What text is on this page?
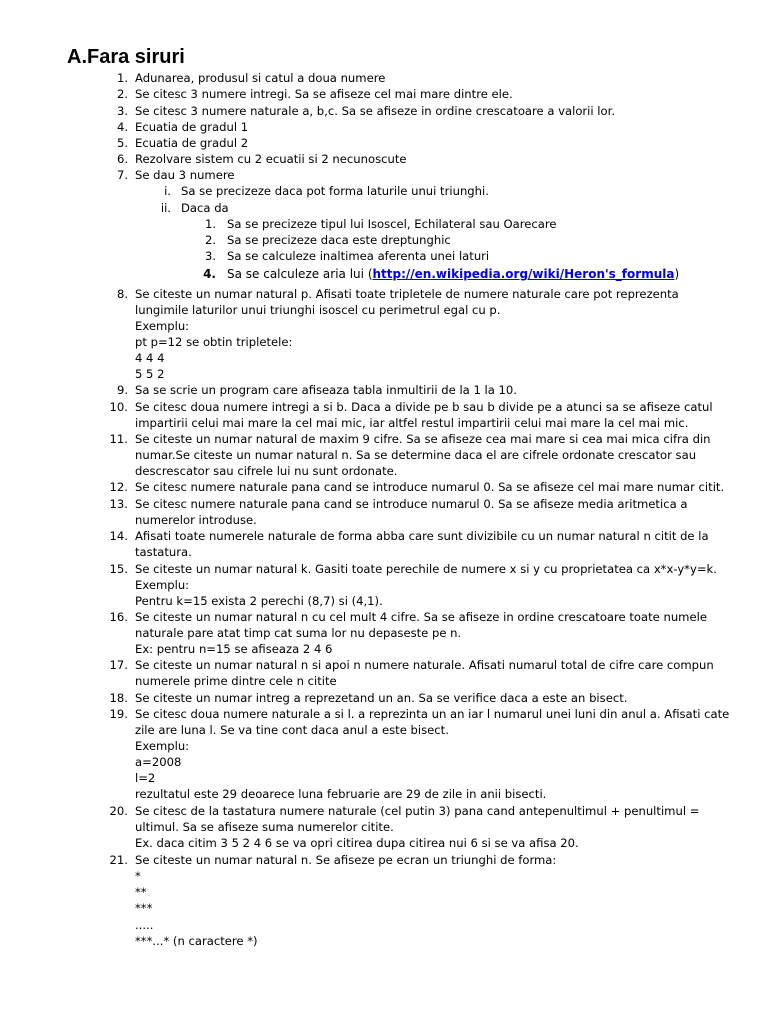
A.Fara siruri
1. Adunarea, produsul si catul a doua numere
2. Se citesc 3 numere intregi. Sa se afiseze cel mai mare dintre ele.
3. Se citesc 3 numere naturale a, b,c. Sa se afiseze in ordine crescatoare a valorii lor.
4. Ecuatia de gradul 1
5. Ecuatia de gradul 2
6. Rezolvare sistem cu 2 ecuatii si 2 necunoscute
7. Se dau 3 numere
i. Sa se precizeze daca pot forma laturile unui triunghi.
ii. Daca da
1. Sa se precizeze tipul lui Isoscel, Echilateral sau Oarecare
2. Sa se precizeze daca este dreptunghic
3. Sa se calculeze inaltimea aferenta unei laturi
4. Sa se calculeze aria lui (http://en.wikipedia.org/wiki/Heron's_formula)
8. Se citeste un numar natural p. Afisati toate tripletele de numere naturale care pot reprezenta
lungimile laturilor unui triunghi isoscel cu perimetrul egal cu p.
Exemplu:
pt p=12 se obtin tripletele:
4 4 4
5 5 2
9. Sa se scrie un program care afiseaza tabla inmultirii de la 1 la 10.
10. Se citesc doua numere intregi a si b. Daca a divide pe b sau b divide pe a atunci sa se afiseze catul
impartirii celui mai mare la cel mai mic, iar altfel restul impartirii celui mai mare la cel mai mic.
11. Se citeste un numar natural de maxim 9 cifre. Sa se afiseze cea mai mare si cea mai mica cifra din
numar.Se citeste un numar natural n. Sa se determine daca el are cifrele ordonate crescator sau
descrescator sau cifrele lui nu sunt ordonate.
12. Se citesc numere naturale pana cand se introduce numarul 0. Sa se afiseze cel mai mare numar citit.
13. Se citesc numere naturale pana cand se introduce numarul 0. Sa se afiseze media aritmetica a
numerelor introduse.
14. Afisati toate numerele naturale de forma abba care sunt divizibile cu un numar natural n citit de la
tastatura.
15. Se citeste un numar natural k. Gasiti toate perechile de numere x si y cu proprietatea ca x*x-y*y=k.
Exemplu:
Pentru k=15 exista 2 perechi (8,7) si (4,1).
16. Se citeste un numar natural n cu cel mult 4 cifre. Sa se afiseze in ordine crescatoare toate numele
naturale pare atat timp cat suma lor nu depaseste pe n.
Ex: pentru n=15 se afiseaza 2 4 6
17. Se citeste un numar natural n si apoi n numere naturale. Afisati numarul total de cifre care compun
numerele prime dintre cele n citite
18. Se citeste un numar intreg a reprezetand un an. Sa se verifice daca a este an bisect.
19. Se citesc doua numere naturale a si l. a reprezinta un an iar l numarul unei luni din anul a. Afisati cate
zile are luna l. Se va tine cont daca anul a este bisect.
Exemplu:
a=2008
l=2
rezultatul este 29 deoarece luna februarie are 29 de zile in anii bisecti.
20. Se citesc de la tastatura numere naturale (cel putin 3) pana cand antepenultimul + penultimul =
ultimul. Sa se afiseze suma numerelor citite.
Ex. daca citim 3 5 2 4 6 se va opri citirea dupa citirea nui 6 si se va afisa 20.
21. Se citeste un numar natural n. Se afiseze pe ecran un triunghi de forma:
*
**
***
.....
***...* (n caractere *)
